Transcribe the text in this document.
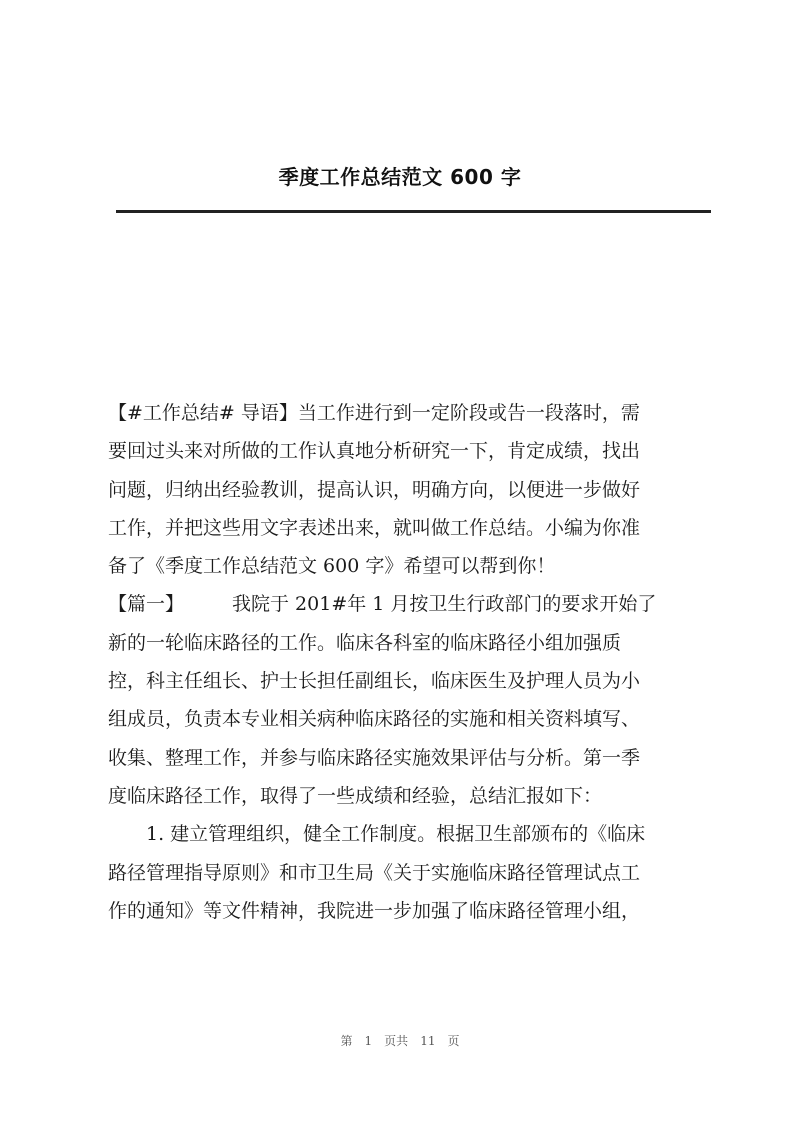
季度工作总结范文 600 字
【#工作总结# 导语】当工作进行到一定阶段或告一段落时，需
要回过头来对所做的工作认真地分析研究一下，肯定成绩，找出
问题，归纳出经验教训，提高认识，明确方向，以便进一步做好
工作，并把这些用文字表述出来，就叫做工作总结。小编为你准
备了《季度工作总结范文 600 字》希望可以帮到你！
【篇一】	我院于 201#年 1 月按卫生行政部门的要求开始了
新的一轮临床路径的工作。临床各科室的临床路径小组加强质
控，科主任组长、护士长担任副组长，临床医生及护理人员为小
组成员，负责本专业相关病种临床路径的实施和相关资料填写、
收集、整理工作，并参与临床路径实施效果评估与分析。第一季
度临床路径工作，取得了一些成绩和经验，总结汇报如下：
1. 建立管理组织，健全工作制度。根据卫生部颁布的《临床
路径管理指导原则》和市卫生局《关于实施临床路径管理试点工
作的通知》等文件精神，我院进一步加强了临床路径管理小组，
第 1 页共 11 页
